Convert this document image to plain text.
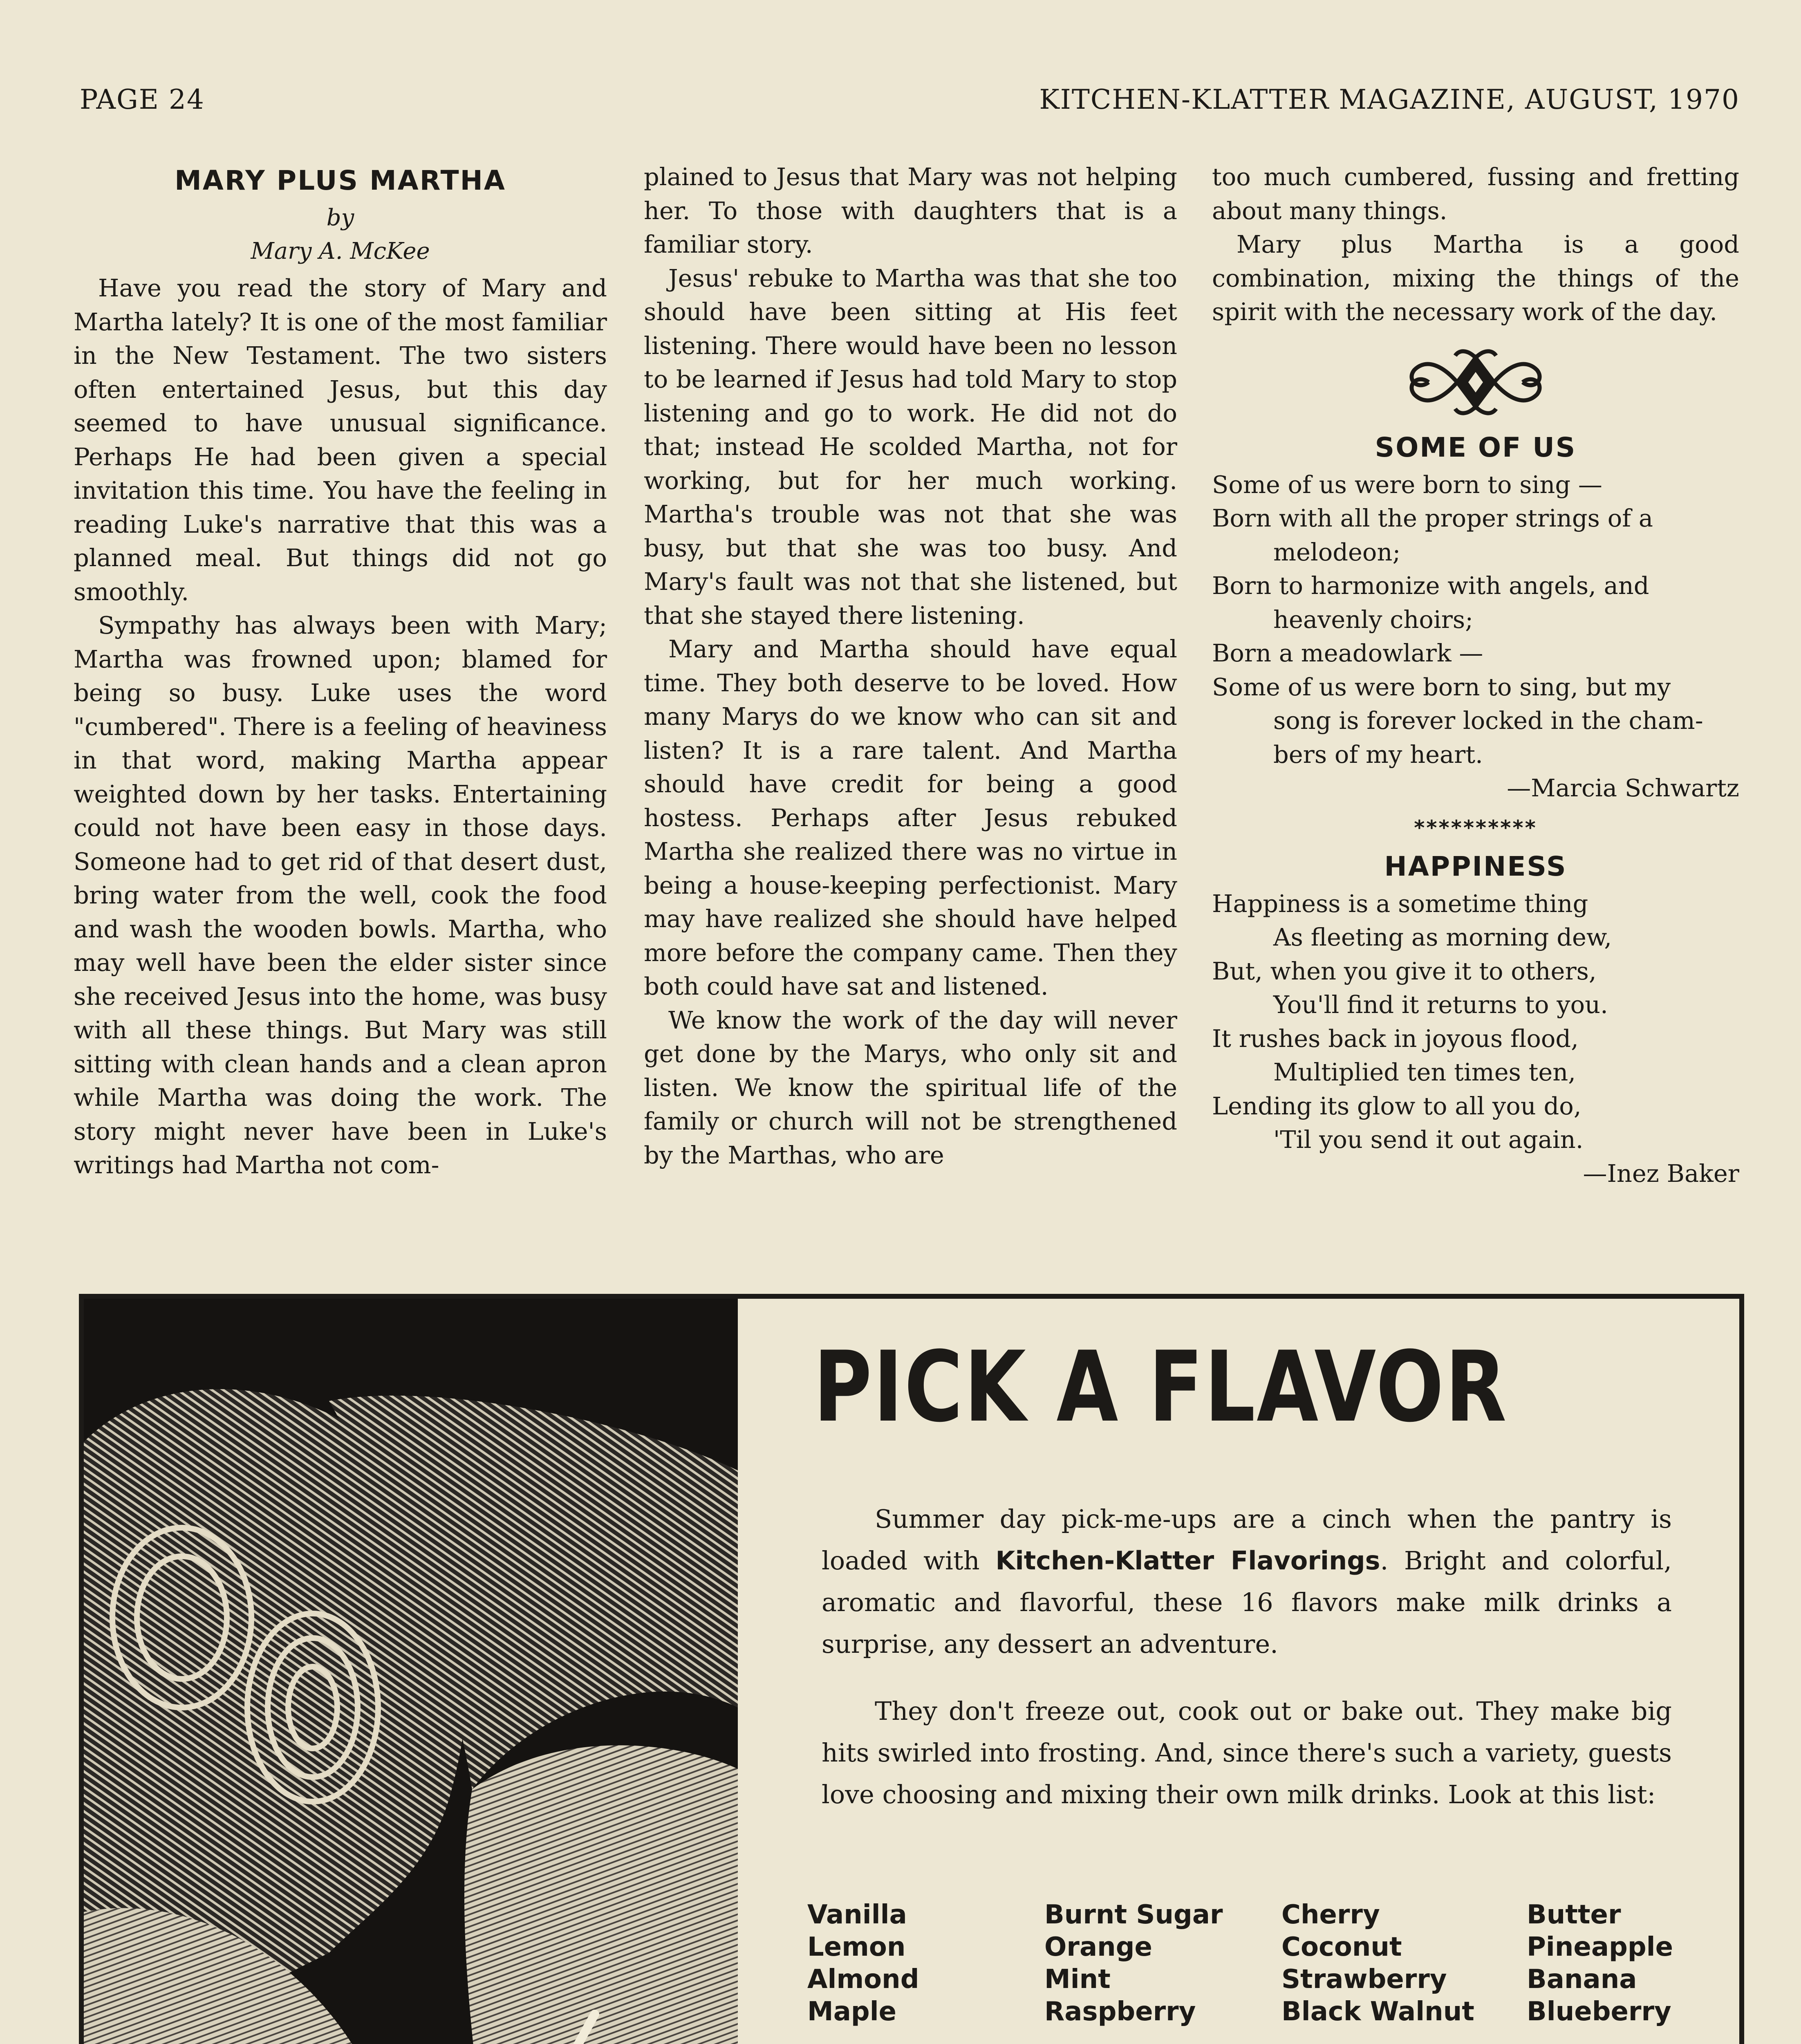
PAGE 24	KITCHEN-KLATTER MAGAZINE, AUGUST, 1970
MARY PLUS MARTHA
by
Mary A. McKee

Have you read the story of Mary and Martha lately? It is one of the most familiar in the New Testament. The two sisters often entertained Jesus, but this day seemed to have unusual significance. Perhaps He had been given a special invitation this time. You have the feeling in reading Luke's narrative that this was a planned meal. But things did not go smoothly.

Sympathy has always been with Mary; Martha was frowned upon; blamed for being so busy. Luke uses the word "cumbered". There is a feeling of heaviness in that word, making Martha appear weighted down by her tasks. Entertaining could not have been easy in those days. Someone had to get rid of that desert dust, bring water from the well, cook the food and wash the wooden bowls. Martha, who may well have been the elder sister since she received Jesus into the home, was busy with all these things. But Mary was still sitting with clean hands and a clean apron while Martha was doing the work. The story might never have been in Luke's writings had Martha not com-

plained to Jesus that Mary was not helping her. To those with daughters that is a familiar story.

Jesus' rebuke to Martha was that she too should have been sitting at His feet listening. There would have been no lesson to be learned if Jesus had told Mary to stop listening and go to work. He did not do that; instead He scolded Martha, not for working, but for her much working. Martha's trouble was not that she was busy, but that she was too busy. And Mary's fault was not that she listened, but that she stayed there listening.

Mary and Martha should have equal time. They both deserve to be loved. How many Marys do we know who can sit and listen? It is a rare talent. And Martha should have credit for being a good hostess. Perhaps after Jesus rebuked Martha she realized there was no virtue in being a house-keeping perfectionist. Mary may have realized she should have helped more before the company came. Then they both could have sat and listened.

We know the work of the day will never get done by the Marys, who only sit and listen. We know the spiritual life of the family or church will not be strengthened by the Marthas, who are

too much cumbered, fussing and fretting about many things.

Mary plus Martha is a good combination, mixing the things of the spirit with the necessary work of the day.

SOME OF US
Some of us were born to sing —
Born with all the proper strings of a
melodeon;
Born to harmonize with angels, and
heavenly choirs;
Born a meadowlark —
Some of us were born to sing, but my
song is forever locked in the cham-
bers of my heart.
—Marcia Schwartz
**********
HAPPINESS
Happiness is a sometime thing
As fleeting as morning dew,
But, when you give it to others,
You'll find it returns to you.
It rushes back in joyous flood,
Multiplied ten times ten,
Lending its glow to all you do,
'Til you send it out again.
—Inez Baker
PICK A FLAVOR

Summer day pick-me-ups are a cinch when the pantry is loaded with Kitchen-Klatter Flavorings. Bright and colorful, aromatic and flavorful, these 16 flavors make milk drinks a surprise, any dessert an adventure.

They don't freeze out, cook out or bake out. They make big hits swirled into frosting. And, since there's such a variety, guests love choosing and mixing their own milk drinks. Look at this list:

Vanilla
Lemon
Almond
Maple
Burnt Sugar
Orange
Mint
Raspberry
Cherry
Coconut
Strawberry
Black Walnut
Butter
Pineapple
Banana
Blueberry
